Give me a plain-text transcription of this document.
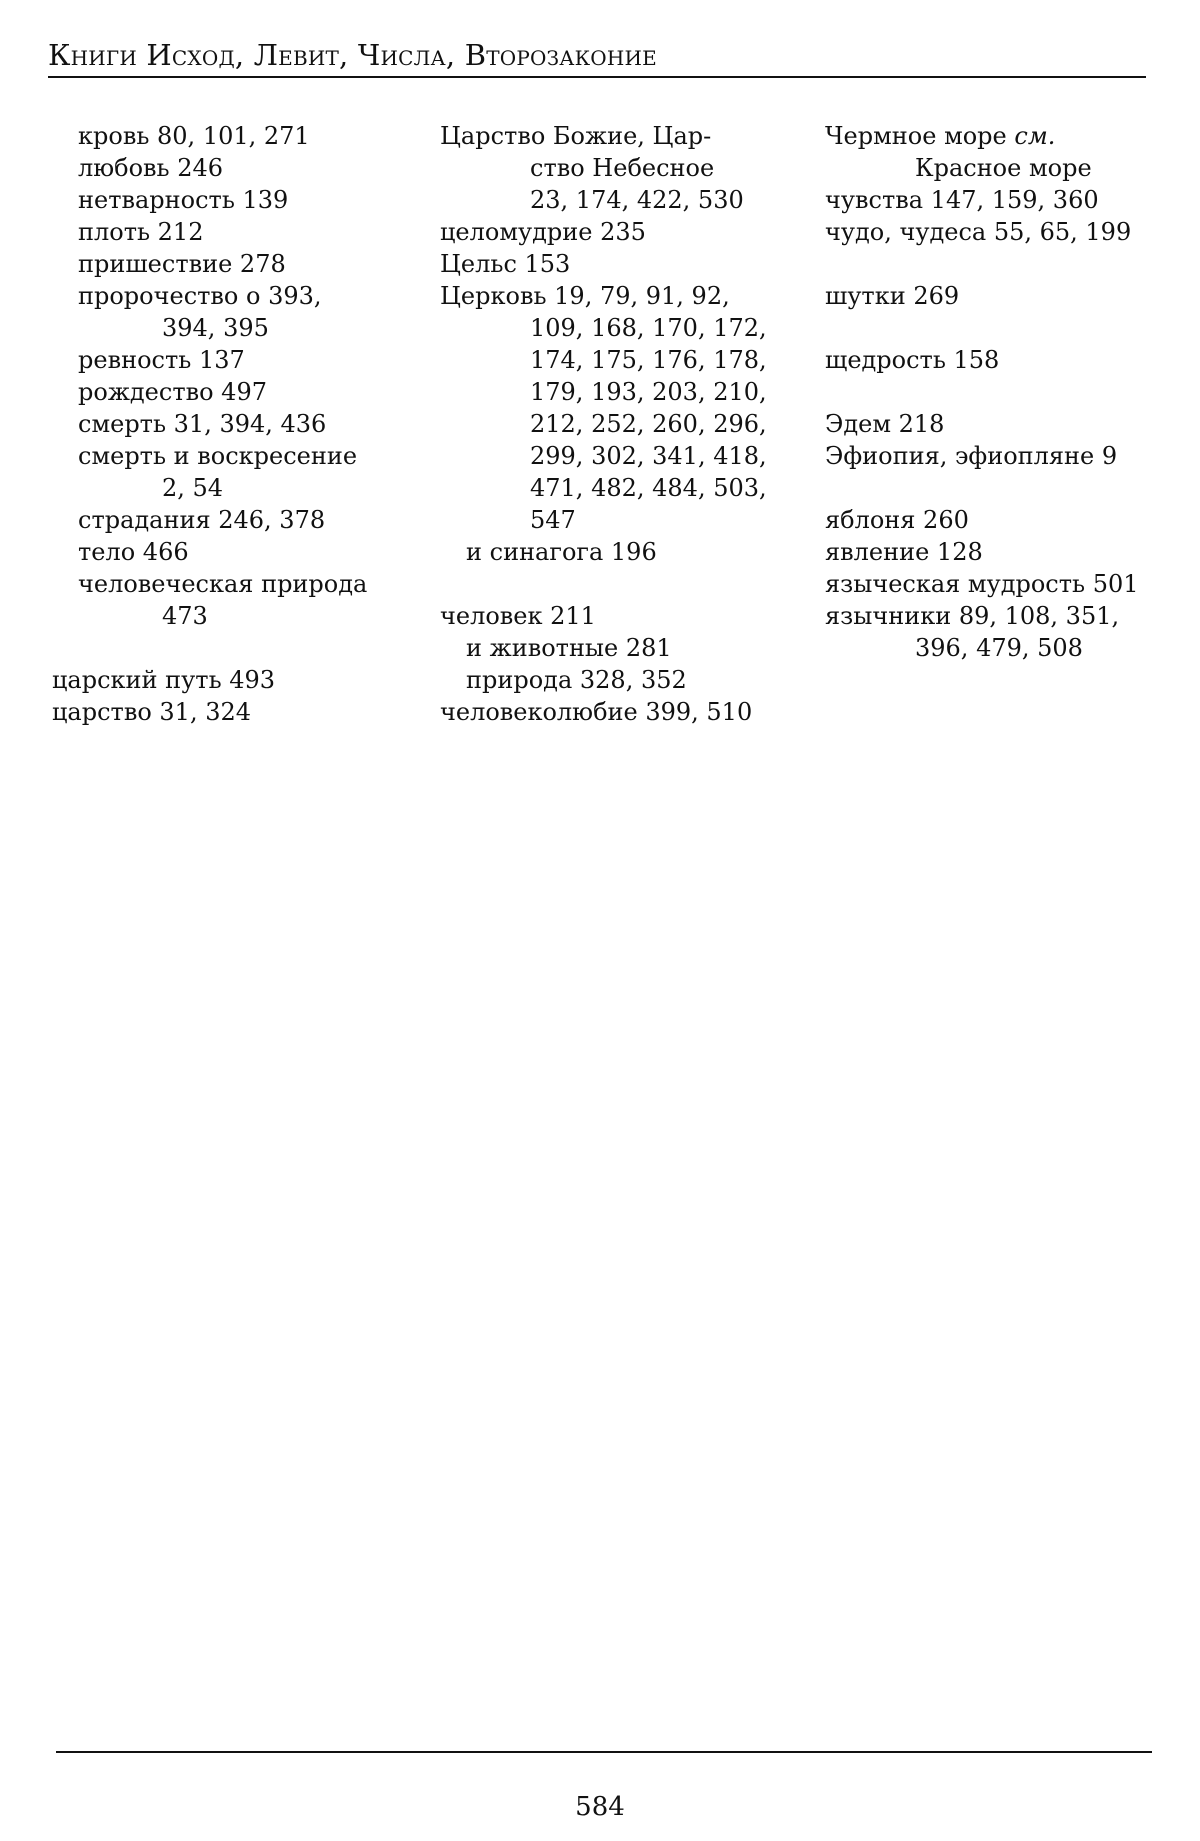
Книги Исход, Левит, Числа, Второзаконие
кровь 80, 101, 271
любовь 246
нетварность 139
плоть 212
пришествие 278
пророчество о 393,
394, 395
ревность 137
рождество 497
смерть 31, 394, 436
смерть и воскресение
2, 54
страдания 246, 378
тело 466
человеческая природа
473
царский путь 493
царство 31, 324
Царство Божие, Цар-
ство Небесное
23, 174, 422, 530
целомудрие 235
Цельс 153
Церковь 19, 79, 91, 92,
109, 168, 170, 172,
174, 175, 176, 178,
179, 193, 203, 210,
212, 252, 260, 296,
299, 302, 341, 418,
471, 482, 484, 503,
547
и синагога 196
человек 211
и животные 281
природа 328, 352
человеколюбие 399, 510
Чермное море см.
Красное море
чувства 147, 159, 360
чудо, чудеса 55, 65, 199
шутки 269
щедрость 158
Эдем 218
Эфиопия, эфиопляне 9
яблоня 260
явление 128
языческая мудрость 501
язычники 89, 108, 351,
396, 479, 508
584
